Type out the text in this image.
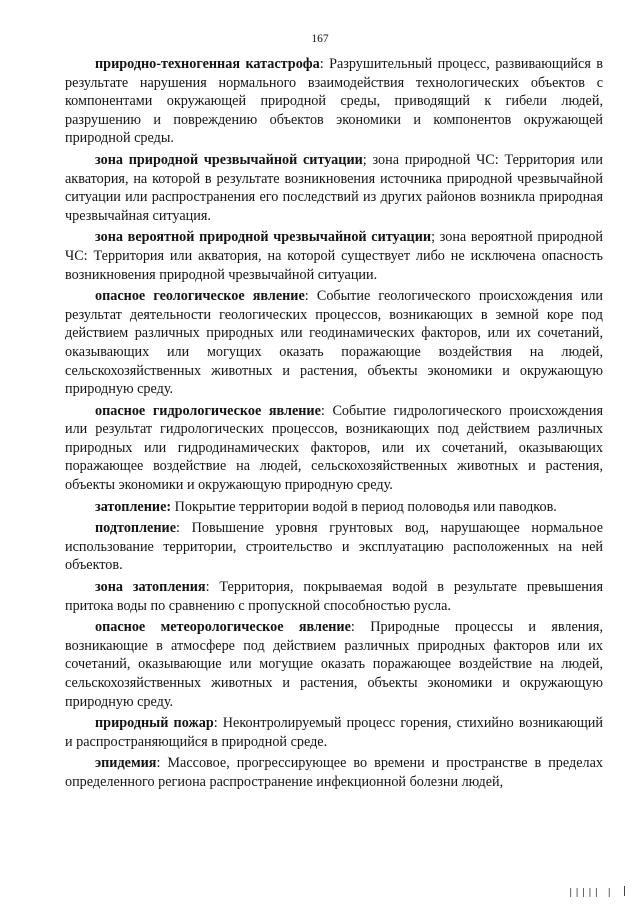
167

природно-техногенная катастрофа: Разрушительный процесс, развивающийся в результате нарушения нормального взаимодействия технологических объектов с компонентами окружающей природной среды, приводящий к гибели людей, разрушению и повреждению объектов экономики и компонентов окружающей природной среды.

зона природной чрезвычайной ситуации; зона природной ЧС: Территория или акватория, на которой в результате возникновения источника природной чрезвычайной ситуации или распространения его последствий из других районов возникла природная чрезвычайная ситуация.

зона вероятной природной чрезвычайной ситуации; зона вероятной природной ЧС: Территория или акватория, на которой существует либо не исключена опасность возникновения природной чрезвычайной ситуации.

опасное геологическое явление: Событие геологического происхождения или результат деятельности геологических процессов, возникающих в земной коре под действием различных природных или геодинамических факторов, или их сочетаний, оказывающих или могущих оказать поражающие воздействия на людей, сельскохозяйственных животных и растения, объекты экономики и окружающую природную среду.

опасное гидрологическое явление: Событие гидрологического происхождения или результат гидрологических процессов, возникающих под действием различных природных или гидродинамических факторов, или их сочетаний, оказывающих поражающее воздействие на людей, сельскохозяйственных животных и растения, объекты экономики и окружающую природную среду.

затопление: Покрытие территории водой в период половодья или паводков.

подтопление: Повышение уровня грунтовых вод, нарушающее нормальное использование территории, строительство и эксплуатацию расположенных на ней объектов.

зона затопления: Территория, покрываемая водой в результате превышения притока воды по сравнению с пропускной способностью русла.

опасное метеорологическое явление: Природные процессы и явления, возникающие в атмосфере под действием различных природных факторов или их сочетаний, оказывающие или могущие оказать поражающее воздействие на людей, сельскохозяйственных животных и растения, объекты экономики и окружающую природную среду.

природный пожар: Неконтролируемый процесс горения, стихийно возникающий и распространяющийся в природной среде.

эпидемия: Массовое, прогрессирующее во времени и пространстве в пределах определенного региона распространение инфекционной болезни людей,

||||| |
